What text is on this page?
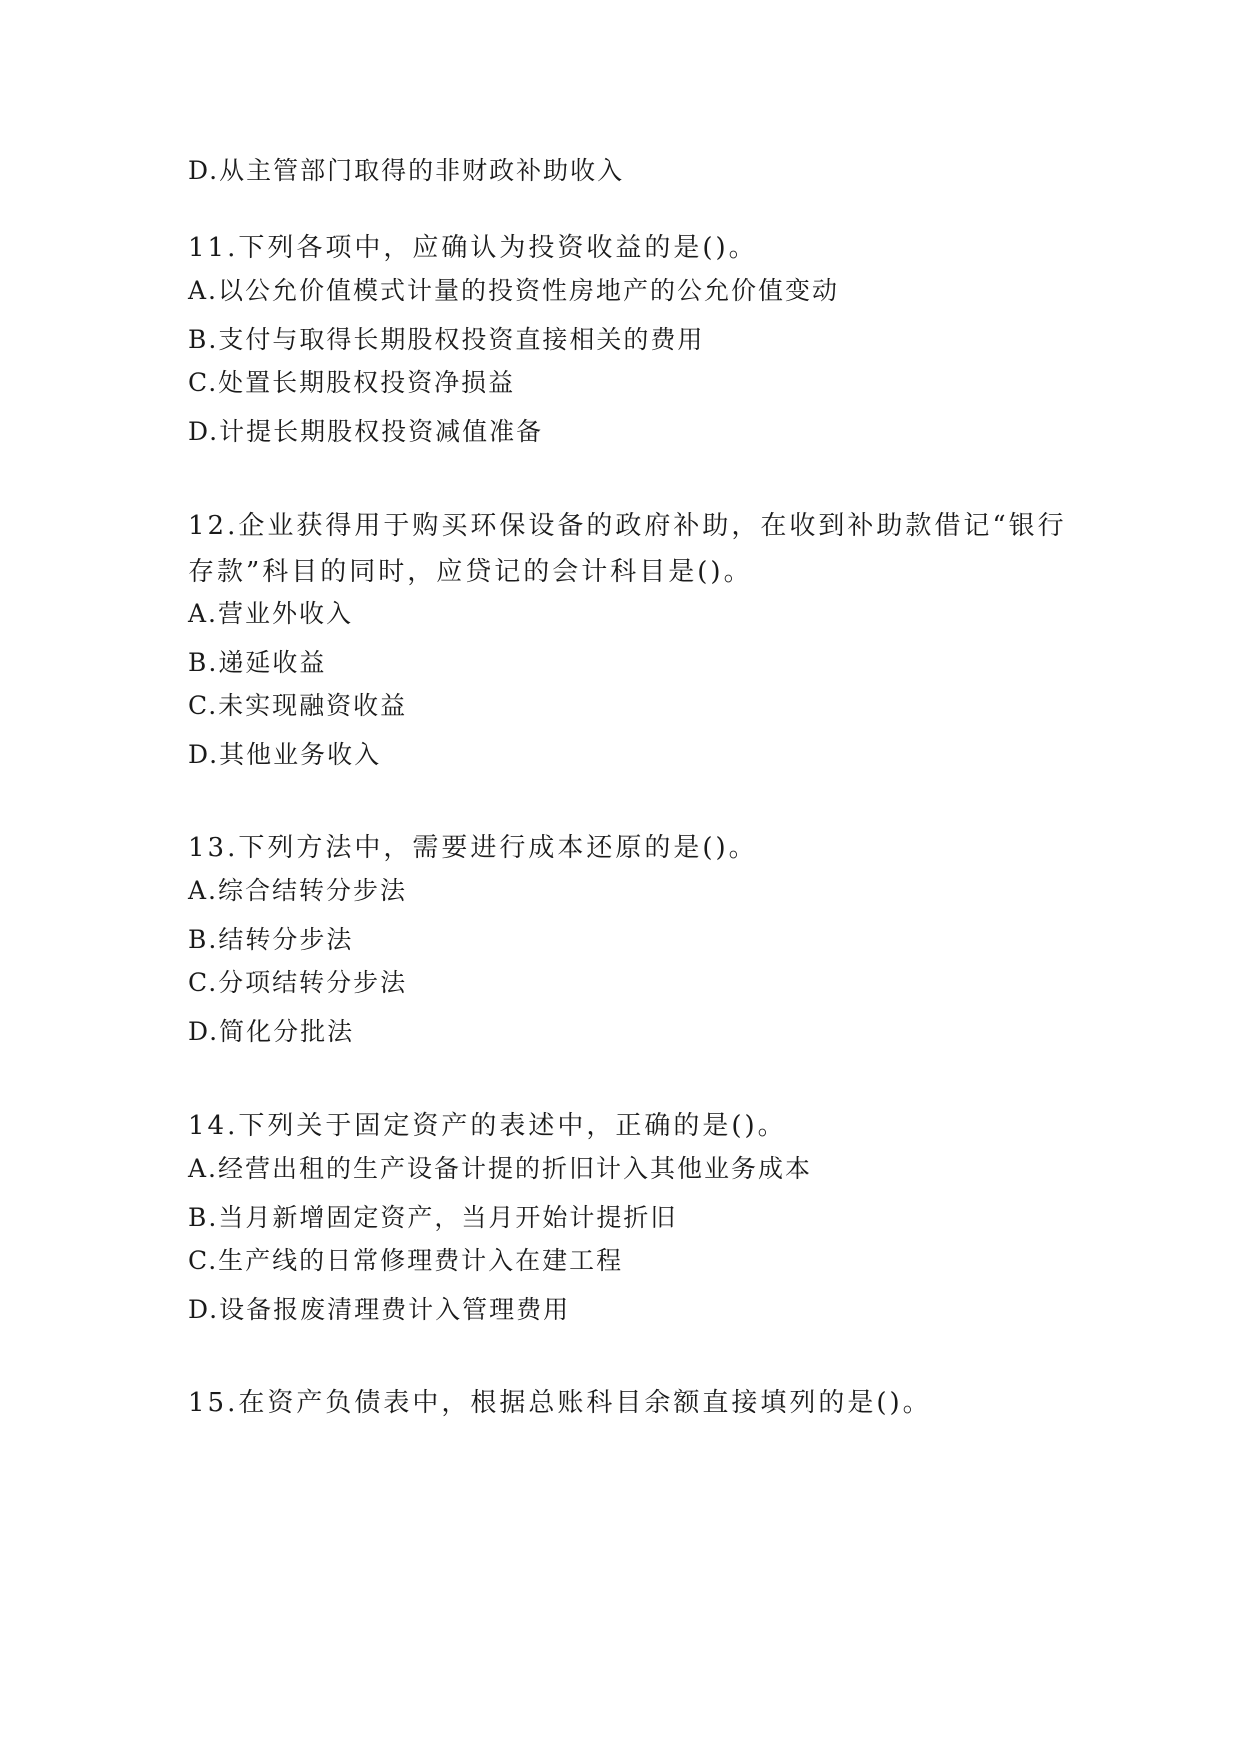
D.从主管部门取得的非财政补助收入
11.下列各项中，应确认为投资收益的是()。
A.以公允价值模式计量的投资性房地产的公允价值变动
B.支付与取得长期股权投资直接相关的费用
C.处置长期股权投资净损益
D.计提长期股权投资减值准备
12.企业获得用于购买环保设备的政府补助，在收到补助款借记“银行
存款”科目的同时，应贷记的会计科目是()。
A.营业外收入
B.递延收益
C.未实现融资收益
D.其他业务收入
13.下列方法中，需要进行成本还原的是()。
A.综合结转分步法
B.结转分步法
C.分项结转分步法
D.简化分批法
14.下列关于固定资产的表述中，正确的是()。
A.经营出租的生产设备计提的折旧计入其他业务成本
B.当月新增固定资产，当月开始计提折旧
C.生产线的日常修理费计入在建工程
D.设备报废清理费计入管理费用
15.在资产负债表中，根据总账科目余额直接填列的是()。
